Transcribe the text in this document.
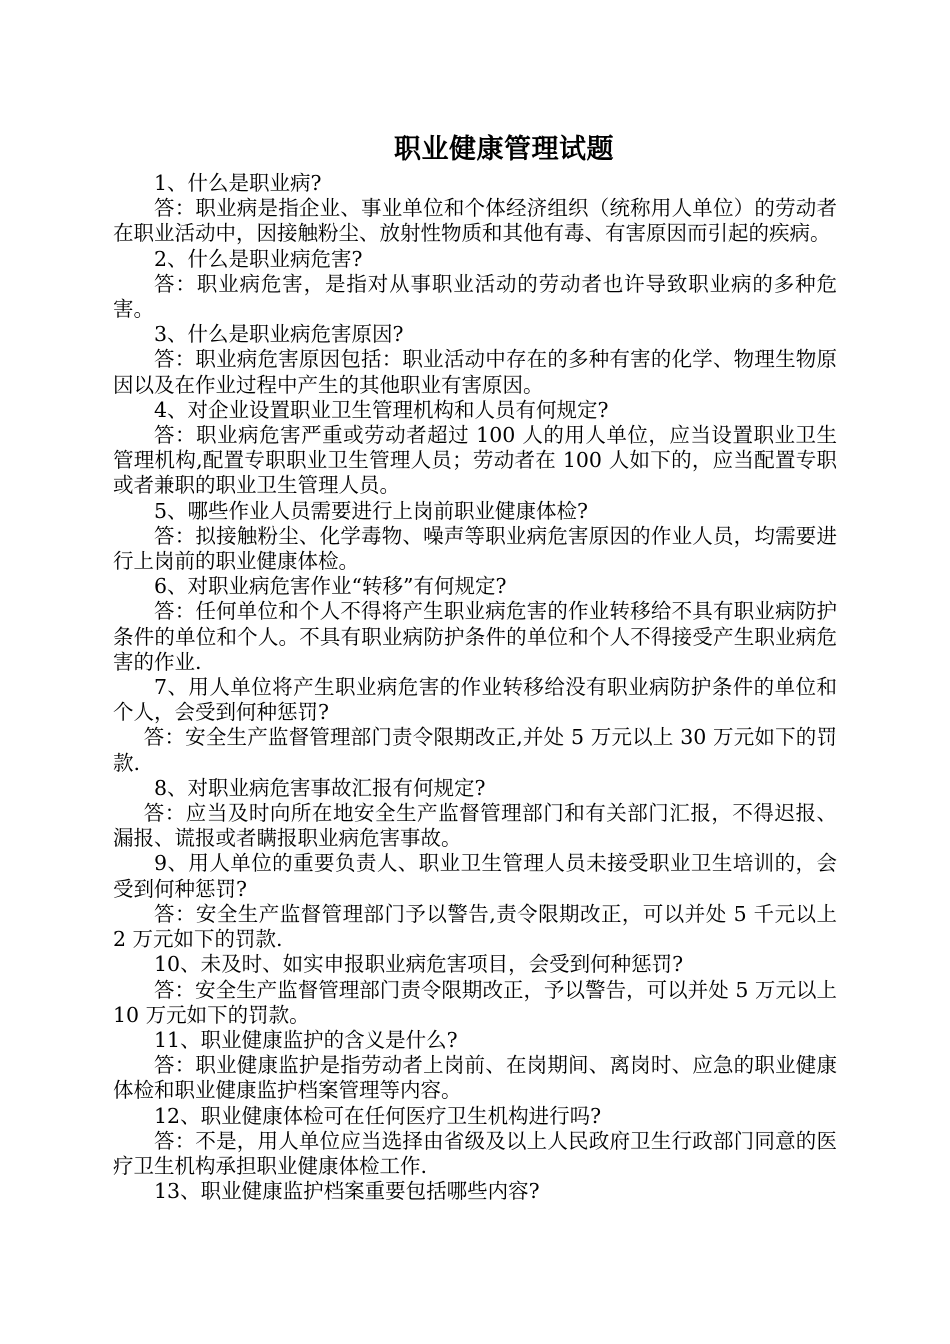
职业健康管理试题

1、什么是职业病?

答：职业病是指企业、事业单位和个体经济组织（统称用人单位）的劳动者在职业活动中，因接触粉尘、放射性物质和其他有毒、有害原因而引起的疾病。

2、什么是职业病危害?

答：职业病危害，是指对从事职业活动的劳动者也许导致职业病的多种危害。

3、什么是职业病危害原因?

答：职业病危害原因包括：职业活动中存在的多种有害的化学、物理生物原因以及在作业过程中产生的其他职业有害原因。

4、对企业设置职业卫生管理机构和人员有何规定?

答：职业病危害严重或劳动者超过 100 人的用人单位，应当设置职业卫生管理机构,配置专职职业卫生管理人员；劳动者在 100 人如下的，应当配置专职或者兼职的职业卫生管理人员。

5、哪些作业人员需要进行上岗前职业健康体检?

答：拟接触粉尘、化学毒物、噪声等职业病危害原因的作业人员，均需要进行上岗前的职业健康体检。

6、对职业病危害作业“转移”有何规定?

答：任何单位和个人不得将产生职业病危害的作业转移给不具有职业病防护条件的单位和个人。不具有职业病防护条件的单位和个人不得接受产生职业病危害的作业.

7、用人单位将产生职业病危害的作业转移给没有职业病防护条件的单位和个人，会受到何种惩罚?

答：安全生产监督管理部门责令限期改正,并处 5 万元以上 30 万元如下的罚款.

8、对职业病危害事故汇报有何规定?

答：应当及时向所在地安全生产监督管理部门和有关部门汇报，不得迟报、漏报、谎报或者瞒报职业病危害事故。

9、用人单位的重要负责人、职业卫生管理人员未接受职业卫生培训的，会受到何种惩罚?

答：安全生产监督管理部门予以警告,责令限期改正，可以并处 5 千元以上 2 万元如下的罚款.

10、未及时、如实申报职业病危害项目，会受到何种惩罚?

答：安全生产监督管理部门责令限期改正，予以警告，可以并处 5 万元以上 10 万元如下的罚款。

11、职业健康监护的含义是什么?

答：职业健康监护是指劳动者上岗前、在岗期间、离岗时、应急的职业健康体检和职业健康监护档案管理等内容。

12、职业健康体检可在任何医疗卫生机构进行吗?

答：不是，用人单位应当选择由省级及以上人民政府卫生行政部门同意的医疗卫生机构承担职业健康体检工作.

13、职业健康监护档案重要包括哪些内容?
